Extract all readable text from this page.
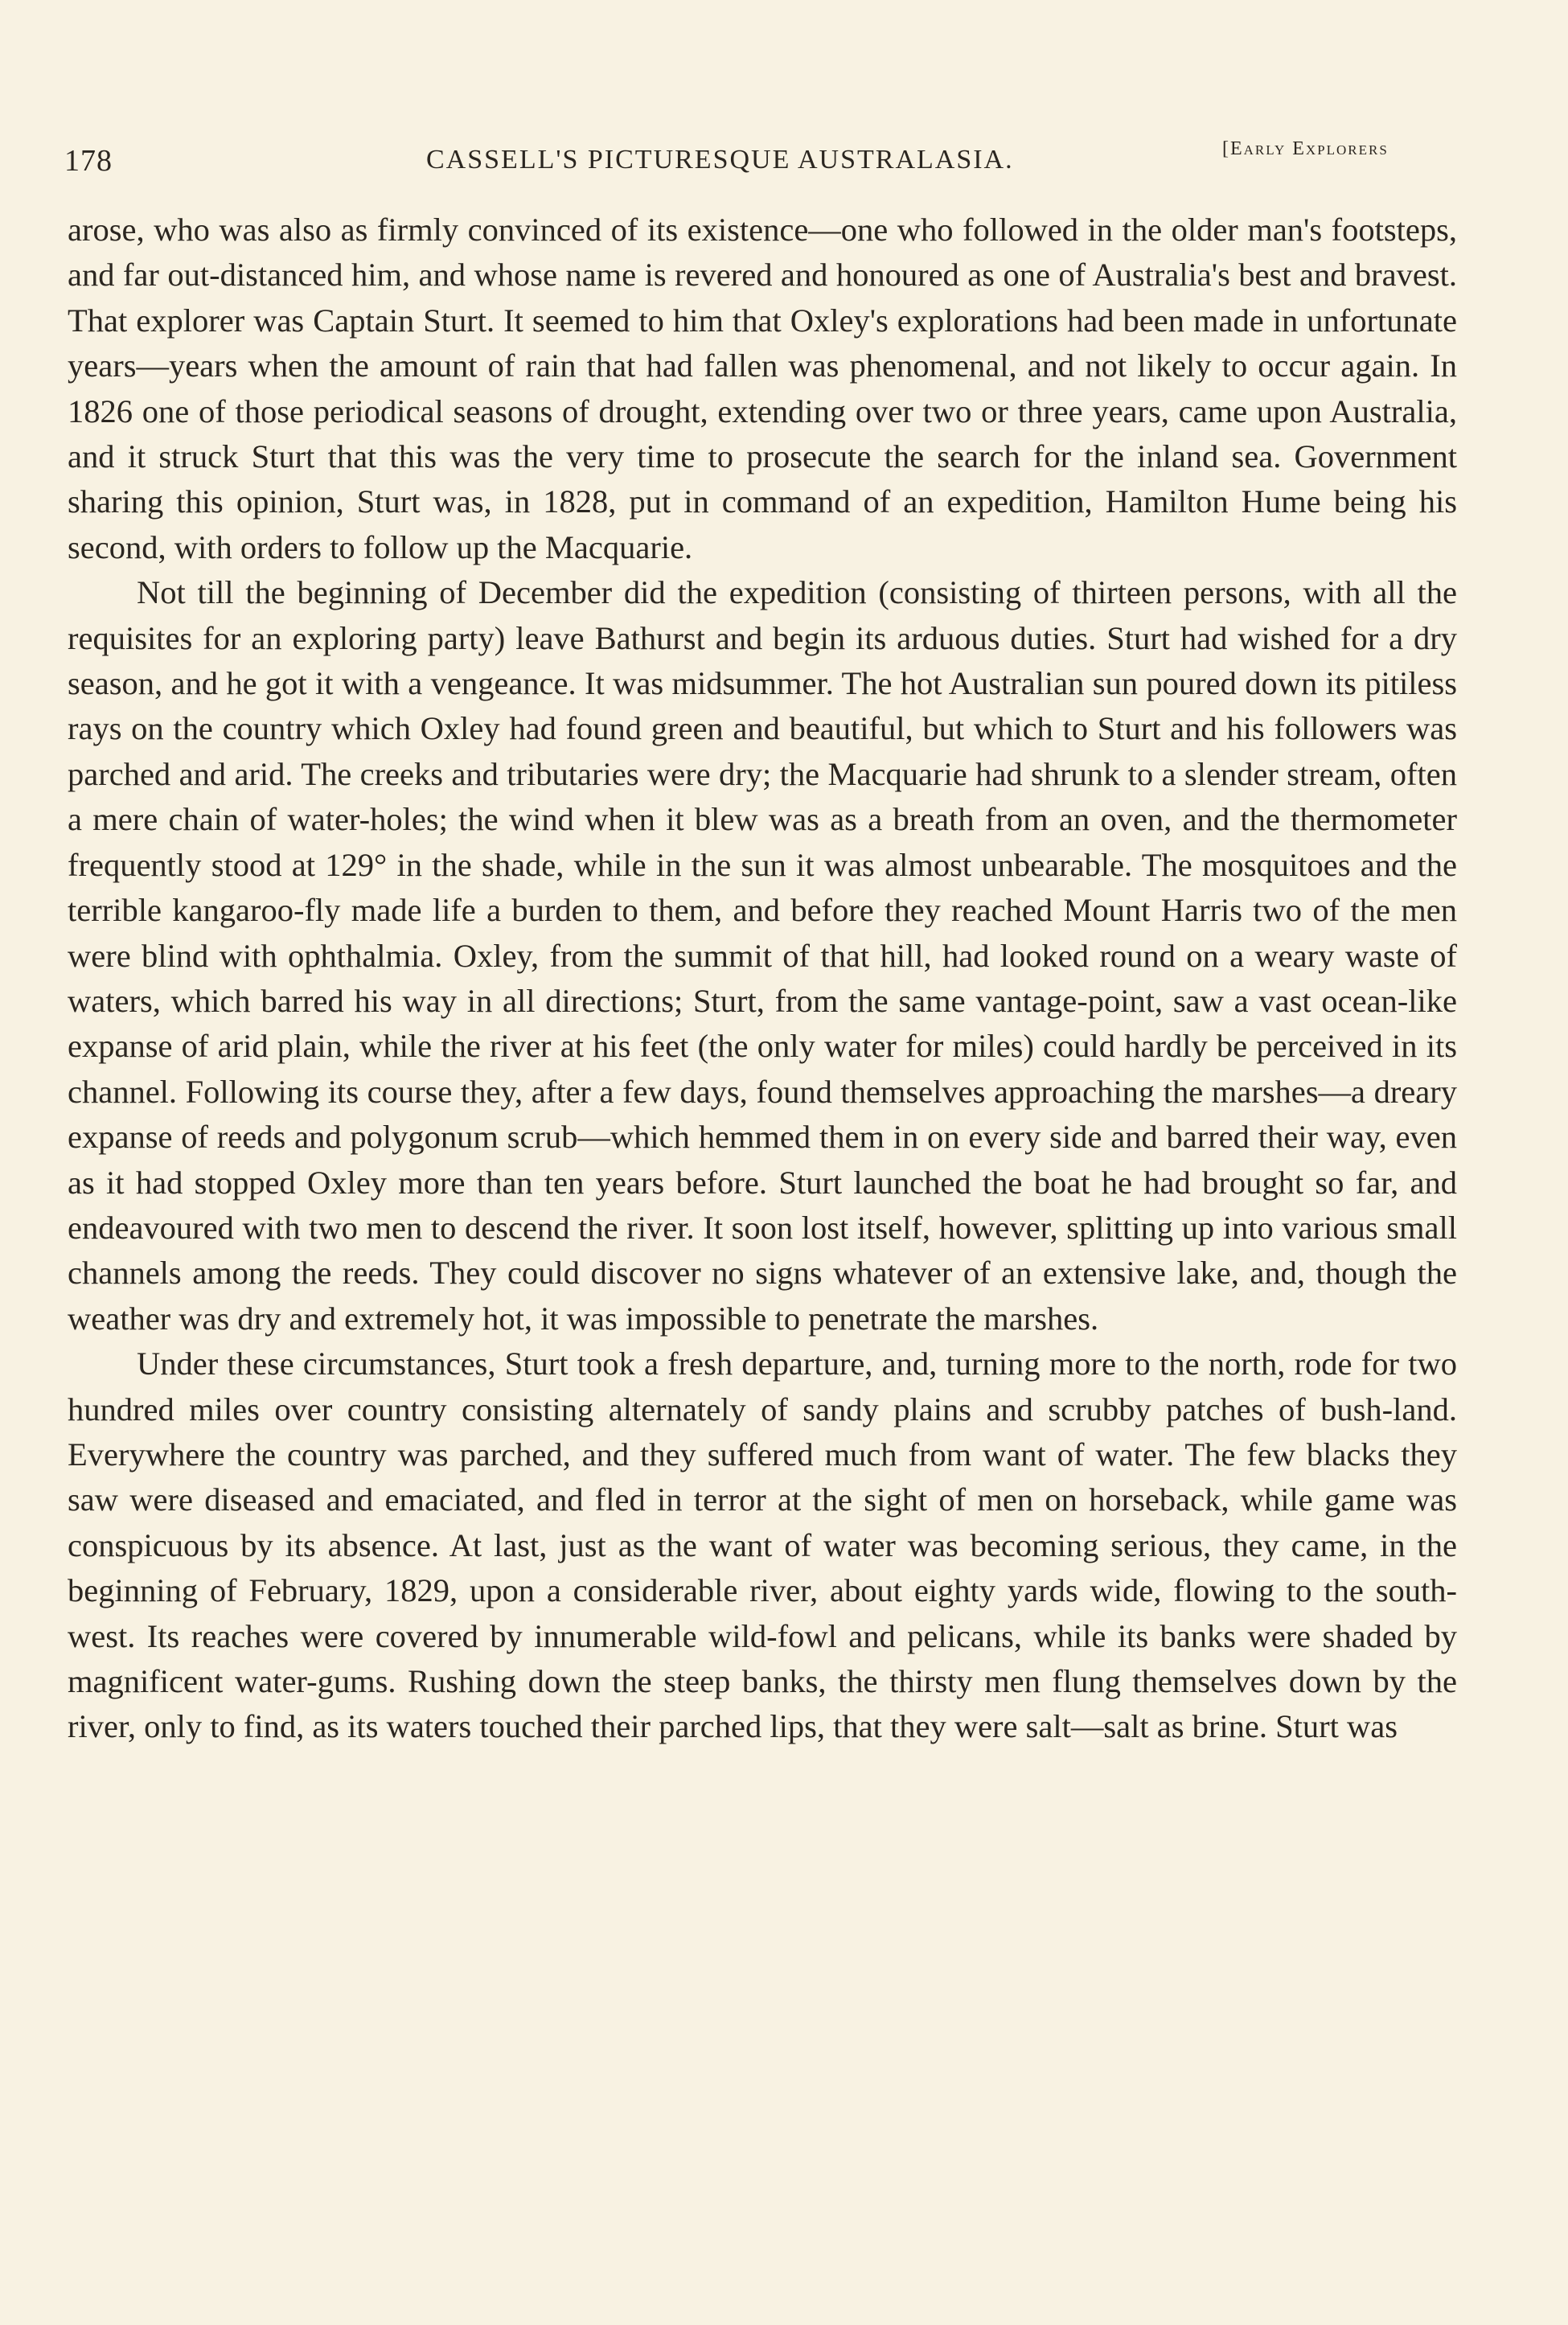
178	CASSELL'S PICTURESQUE AUSTRALASIA.	[Early Explorers

arose, who was also as firmly convinced of its existence—one who followed in the older man's footsteps, and far out-distanced him, and whose name is revered and honoured as one of Australia's best and bravest. That explorer was Captain Sturt. It seemed to him that Oxley's explorations had been made in unfortunate years—years when the amount of rain that had fallen was phenomenal, and not likely to occur again. In 1826 one of those periodical seasons of drought, extending over two or three years, came upon Australia, and it struck Sturt that this was the very time to prosecute the search for the inland sea. Government sharing this opinion, Sturt was, in 1828, put in command of an expedition, Hamilton Hume being his second, with orders to follow up the Macquarie.

Not till the beginning of December did the expedition (consisting of thirteen persons, with all the requisites for an exploring party) leave Bathurst and begin its arduous duties. Sturt had wished for a dry season, and he got it with a vengeance. It was midsummer. The hot Australian sun poured down its pitiless rays on the country which Oxley had found green and beautiful, but which to Sturt and his followers was parched and arid. The creeks and tributaries were dry; the Macquarie had shrunk to a slender stream, often a mere chain of water-holes; the wind when it blew was as a breath from an oven, and the thermometer frequently stood at 129° in the shade, while in the sun it was almost unbearable. The mosquitoes and the terrible kangaroo-fly made life a burden to them, and before they reached Mount Harris two of the men were blind with ophthalmia. Oxley, from the summit of that hill, had looked round on a weary waste of waters, which barred his way in all directions; Sturt, from the same vantage-point, saw a vast ocean-like expanse of arid plain, while the river at his feet (the only water for miles) could hardly be perceived in its channel. Following its course they, after a few days, found themselves approaching the marshes—a dreary expanse of reeds and polygonum scrub—which hemmed them in on every side and barred their way, even as it had stopped Oxley more than ten years before. Sturt launched the boat he had brought so far, and endeavoured with two men to descend the river. It soon lost itself, however, splitting up into various small channels among the reeds. They could discover no signs whatever of an extensive lake, and, though the weather was dry and extremely hot, it was impossible to penetrate the marshes.

Under these circumstances, Sturt took a fresh departure, and, turning more to the north, rode for two hundred miles over country consisting alternately of sandy plains and scrubby patches of bush-land. Everywhere the country was parched, and they suffered much from want of water. The few blacks they saw were diseased and emaciated, and fled in terror at the sight of men on horseback, while game was conspicuous by its absence. At last, just as the want of water was becoming serious, they came, in the beginning of February, 1829, upon a considerable river, about eighty yards wide, flowing to the south-west. Its reaches were covered by innumerable wild-fowl and pelicans, while its banks were shaded by magnificent water-gums. Rushing down the steep banks, the thirsty men flung themselves down by the river, only to find, as its waters touched their parched lips, that they were salt—salt as brine. Sturt was
